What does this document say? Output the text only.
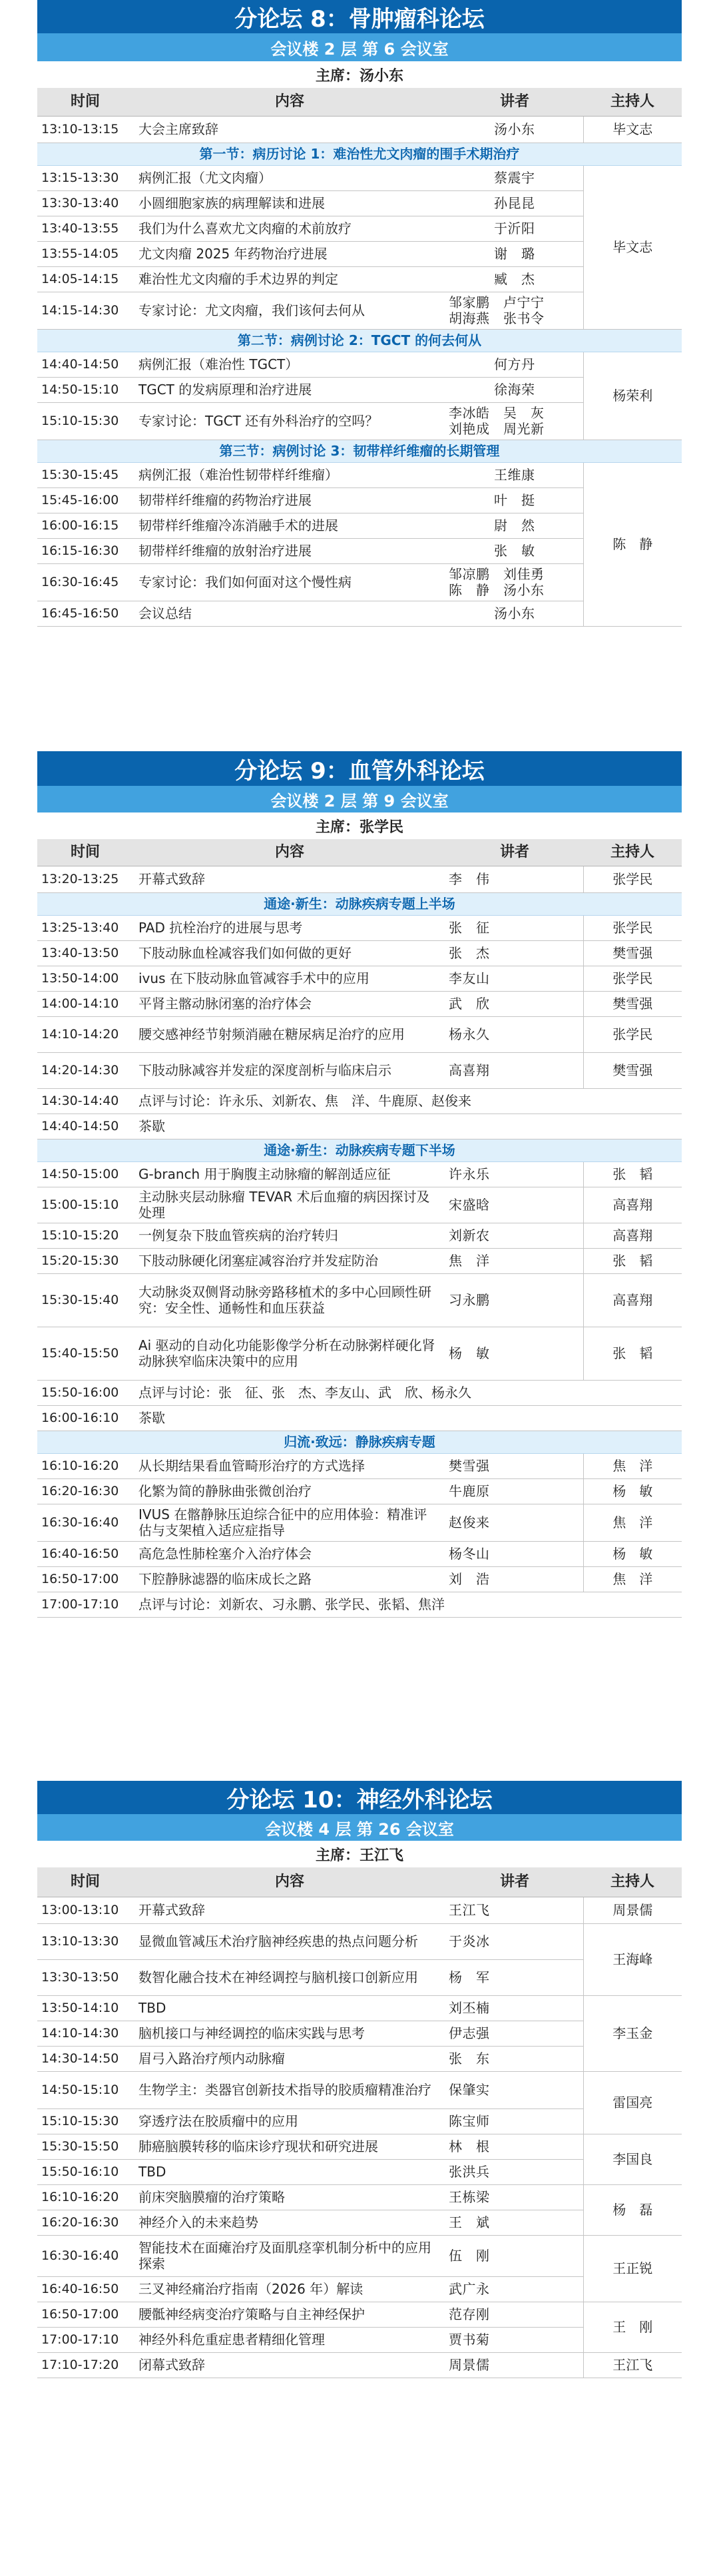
分论坛 8：骨肿瘤科论坛
会议楼 2 层 第 6 会议室
主席：汤小东
时间	内容	讲者	主持人
13:10-13:15	大会主席致辞	汤小东	毕文志
第一节：病历讨论 1：难治性尤文肉瘤的围手术期治疗			
13:15-13:30	病例汇报（尤文肉瘤）	蔡震宇	毕文志
13:30-13:40	小圆细胞家族的病理解读和进展	孙昆昆	
13:40-13:55	我们为什么喜欢尤文肉瘤的术前放疗	于沂阳	
13:55-14:05	尤文肉瘤 2025 年药物治疗进展	谢　璐	
14:05-14:15	难治性尤文肉瘤的手术边界的判定	臧　杰	
14:15-14:30	专家讨论：尤文肉瘤，我们该何去何从	邹家鹏　卢宁宁
胡海燕　张书令	
第二节：病例讨论 2：TGCT 的何去何从			
14:40-14:50	病例汇报（难治性 TGCT）	何方丹	杨荣利
14:50-15:10	TGCT 的发病原理和治疗进展	徐海荣	
15:10-15:30	专家讨论：TGCT 还有外科治疗的空吗？	李冰皓　吴　灰
刘艳成　周光新	
第三节：病例讨论 3：韧带样纤维瘤的长期管理			
15:30-15:45	病例汇报（难治性韧带样纤维瘤）	王维康	陈　静
15:45-16:00	韧带样纤维瘤的药物治疗进展	叶　挺	
16:00-16:15	韧带样纤维瘤冷冻消融手术的进展	尉　然	
16:15-16:30	韧带样纤维瘤的放射治疗进展	张　敏	
16:30-16:45	专家讨论：我们如何面对这个慢性病	邹凉鹏　刘佳勇
陈　静　汤小东	
16:45-16:50	会议总结	汤小东	
分论坛 9：血管外科论坛
会议楼 2 层 第 9 会议室
主席：张学民
时间	内容	讲者	主持人
13:20-13:25	开幕式致辞	李　伟	张学民
通途·新生：动脉疾病专题上半场			
13:25-13:40	PAD 抗栓治疗的进展与思考	张　征	张学民
13:40-13:50	下肢动脉血栓减容我们如何做的更好	张　杰	樊雪强
13:50-14:00	ivus 在下肢动脉血管减容手术中的应用	李友山	张学民
14:00-14:10	平肾主髂动脉闭塞的治疗体会	武　欣	樊雪强
14:10-14:20	腰交感神经节射频消融在糖尿病足治疗的应用	杨永久	张学民
14:20-14:30	下肢动脉减容并发症的深度剖析与临床启示	高喜翔	樊雪强
14:30-14:40	点评与讨论：许永乐、刘新农、焦　洋、牛鹿原、赵俊来		
14:40-14:50	茶歇		
通途·新生：动脉疾病专题下半场			
14:50-15:00	G-branch 用于胸腹主动脉瘤的解剖适应征	许永乐	张　韬
15:00-15:10	主动脉夹层动脉瘤 TEVAR 术后血瘤的病因探讨及处理	宋盛晗	高喜翔
15:10-15:20	一例复杂下肢血管疾病的治疗转归	刘新农	高喜翔
15:20-15:30	下肢动脉硬化闭塞症减容治疗并发症防治	焦　洋	张　韬
15:30-15:40	大动脉炎双侧肾动脉旁路移植术的多中心回顾性研究：安全性、通畅性和血压获益	习永鹏	高喜翔
15:40-15:50	Ai 驱动的自动化功能影像学分析在动脉粥样硬化肾动脉狭窄临床决策中的应用	杨　敏	张　韬
15:50-16:00	点评与讨论：张　征、张　杰、李友山、武　欣、杨永久		
16:00-16:10	茶歇		
归流·致远：静脉疾病专题			
16:10-16:20	从长期结果看血管畸形治疗的方式选择	樊雪强	焦　洋
16:20-16:30	化繁为简的静脉曲张微创治疗	牛鹿原	杨　敏
16:30-16:40	IVUS 在髂静脉压迫综合征中的应用体验：精准评估与支架植入适应症指导	赵俊来	焦　洋
16:40-16:50	高危急性肺栓塞介入治疗体会	杨冬山	杨　敏
16:50-17:00	下腔静脉滤器的临床成长之路	刘　浩	焦　洋
17:00-17:10	点评与讨论：刘新农、习永鹏、张学民、张韬、焦洋		
分论坛 10：神经外科论坛
会议楼 4 层 第 26 会议室
主席：王江飞
时间	内容	讲者	主持人
13:00-13:10	开幕式致辞	王江飞	周景儒
13:10-13:30	显微血管减压术治疗脑神经疾患的热点问题分析	于炎冰	王海峰
13:30-13:50	数智化融合技术在神经调控与脑机接口创新应用	杨　军	
13:50-14:10	TBD	刘丕楠	李玉金
14:10-14:30	脑机接口与神经调控的临床实践与思考	伊志强	
14:30-14:50	眉弓入路治疗颅内动脉瘤	张　东	
14:50-15:10	生物学主：类器官创新技术指导的胶质瘤精准治疗	保肇实	雷国亮
15:10-15:30	穿透疗法在胶质瘤中的应用	陈宝师	
15:30-15:50	肺癌脑膜转移的临床诊疗现状和研究进展	林　根	李国良
15:50-16:10	TBD	张洪兵	
16:10-16:20	前床突脑膜瘤的治疗策略	王栋梁	杨　磊
16:20-16:30	神经介入的未来趋势	王　斌	
16:30-16:40	智能技术在面瘫治疗及面肌痉挛机制分析中的应用探索	伍　刚	王正锐
16:40-16:50	三叉神经痛治疗指南（2026 年）解读	武广永	
16:50-17:00	腰骶神经病变治疗策略与自主神经保护	范存刚	王　刚
17:00-17:10	神经外科危重症患者精细化管理	贾书菊	
17:10-17:20	闭幕式致辞	周景儒	王江飞
